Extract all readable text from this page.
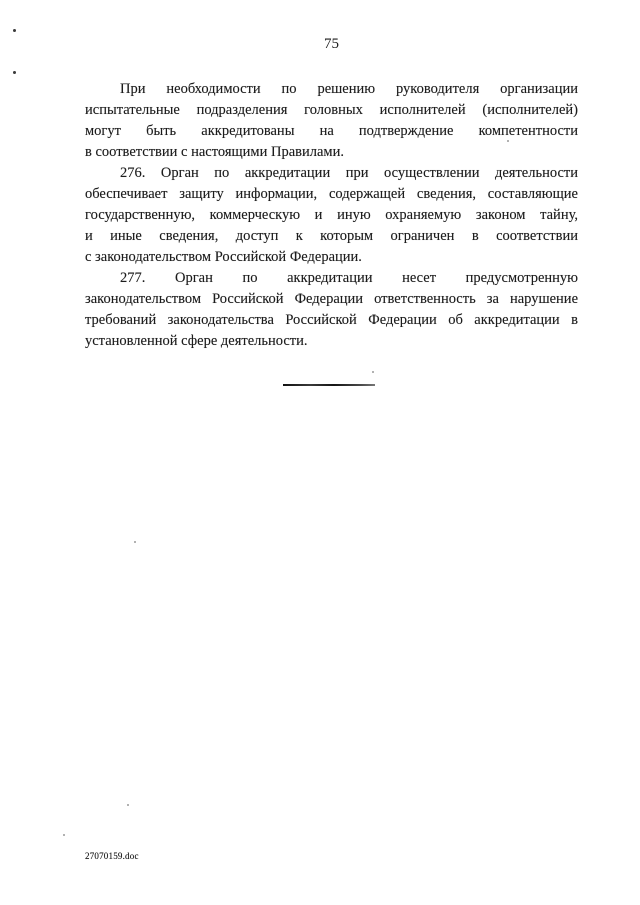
75
При необходимости по решению руководителя организации
испытательные подразделения головных исполнителей (исполнителей)
могут быть аккредитованы на подтверждение компетентности
в соответствии с настоящими Правилами.
276. Орган по аккредитации при осуществлении деятельности
обеспечивает защиту информации, содержащей сведения, составляющие
государственную, коммерческую и иную охраняемую законом тайну,
и иные сведения, доступ к которым ограничен в соответствии
с законодательством Российской Федерации.
277. Орган по аккредитации несет предусмотренную
законодательством Российской Федерации ответственность за нарушение
требований законодательства Российской Федерации об аккредитации в
установленной сфере деятельности.
27070159.doc
